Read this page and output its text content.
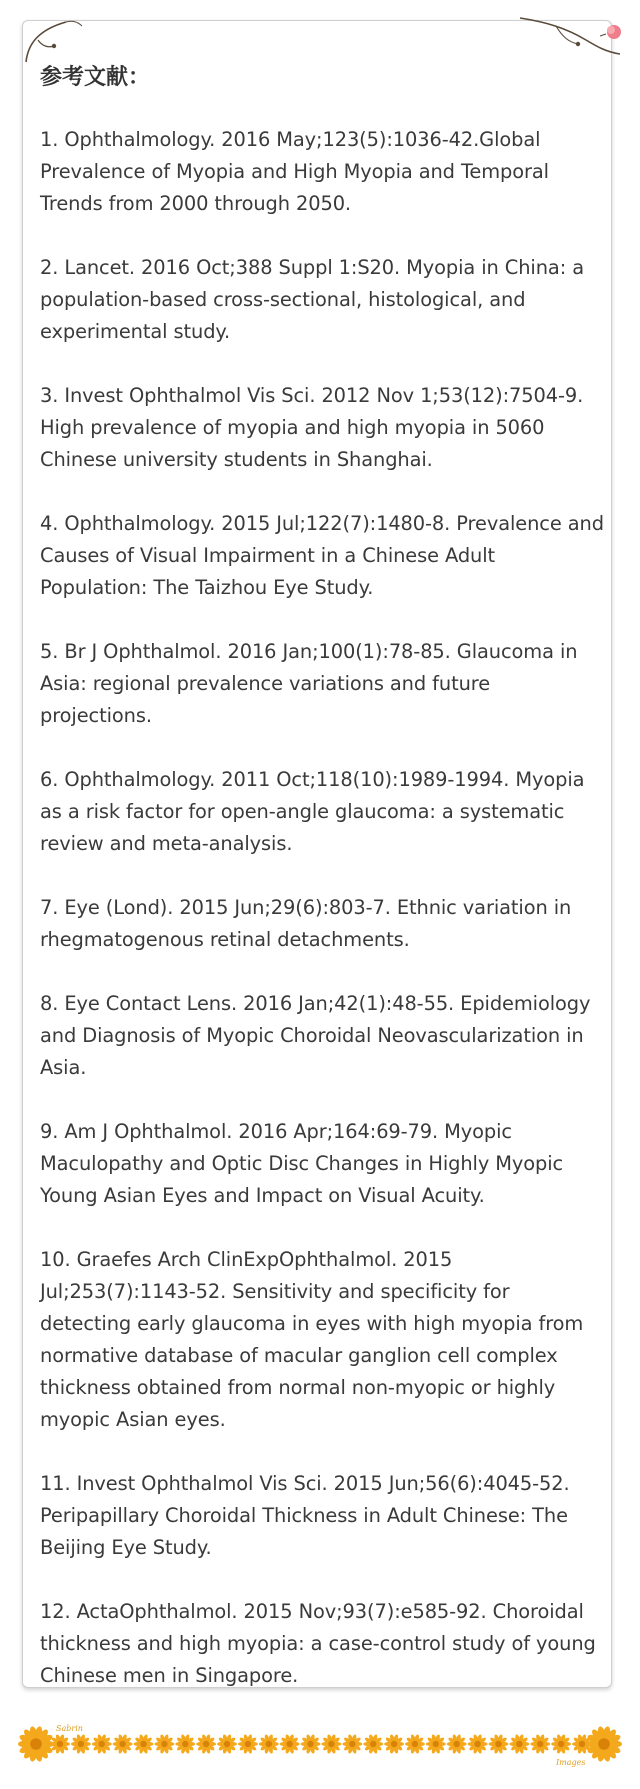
参考文献：
1. Ophthalmology. 2016 May;123(5):1036-42.Global Prevalence of Myopia and High Myopia and Temporal Trends from 2000 through 2050.
2. Lancet. 2016 Oct;388 Suppl 1:S20. Myopia in China: a population-based cross-sectional, histological, and experimental study.
3. Invest Ophthalmol Vis Sci. 2012 Nov 1;53(12):7504-9. High prevalence of myopia and high myopia in 5060 Chinese university students in Shanghai.
4. Ophthalmology. 2015 Jul;122(7):1480-8. Prevalence and Causes of Visual Impairment in a Chinese Adult Population: The Taizhou Eye Study.
5. Br J Ophthalmol. 2016 Jan;100(1):78-85. Glaucoma in Asia: regional prevalence variations and future projections.
6. Ophthalmology. 2011 Oct;118(10):1989-1994. Myopia as a risk factor for open-angle glaucoma: a systematic review and meta-analysis.
7. Eye (Lond). 2015 Jun;29(6):803-7. Ethnic variation in rhegmatogenous retinal detachments.
8. Eye Contact Lens. 2016 Jan;42(1):48-55. Epidemiology and Diagnosis of Myopic Choroidal Neovascularization in Asia.
9. Am J Ophthalmol. 2016 Apr;164:69-79. Myopic Maculopathy and Optic Disc Changes in Highly Myopic Young Asian Eyes and Impact on Visual Acuity.
10. Graefes Arch ClinExpOphthalmol. 2015 Jul;253(7):1143-52. Sensitivity and specificity for detecting early glaucoma in eyes with high myopia from normative database of macular ganglion cell complex thickness obtained from normal non-myopic or highly myopic Asian eyes.
11. Invest Ophthalmol Vis Sci. 2015 Jun;56(6):4045-52. Peripapillary Choroidal Thickness in Adult Chinese: The Beijing Eye Study.
12. ActaOphthalmol. 2015 Nov;93(7):e585-92. Choroidal thickness and high myopia: a case-control study of young Chinese men in Singapore.
Sabrin
Images
